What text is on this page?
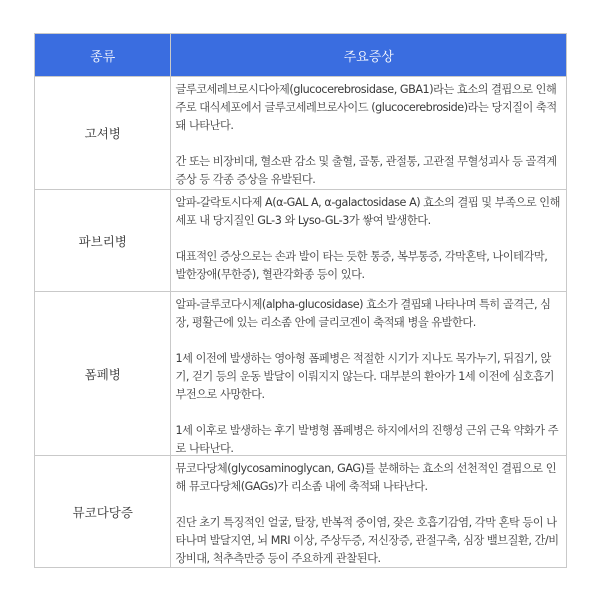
종류	주요증상
고셔병

글루코세레브로시다아제(glucocerebrosidase, GBA1)라는 효소의 결핍으로 인해 주로 대식세포에서 글루코세레브로사이드 (glucocerebroside)라는 당지질이 축적돼 나타난다.

간 또는 비장비대, 혈소판 감소 및 출혈, 골통, 관절통, 고관절 무혈성괴사 등 골격계 증상 등 각종 증상을 유발된다.

파브리병

알파-갈락토시다제 A(α-GAL A, α-galactosidase A) 효소의 결핍 및 부족으로 인해 세포 내 당지질인 GL-3 와 Lyso-GL-3가 쌓여 발생한다.

대표적인 증상으로는 손과 발이 타는 듯한 통증, 복부통증, 각막혼탁, 나이테각막, 발한장애(무한증), 혈관각화종 등이 있다.

폼페병

알파-글루코다시제(alpha-glucosidase) 효소가 결핍돼 나타나며 특히 골격근, 심장, 평활근에 있는 리소좀 안에 글리코겐이 축적돼 병을 유발한다.

1세 이전에 발생하는 영아형 폼페병은 적절한 시기가 지나도 목가누기, 뒤집기, 앉기, 걷기 등의 운동 발달이 이뤄지지 않는다. 대부분의 환아가 1세 이전에 심호흡기 부전으로 사망한다.

1세 이후로 발생하는 후기 발병형 폼페병은 하지에서의 진행성 근위 근육 약화가 주로 나타난다.

뮤코다당증

뮤코다당체(glycosaminoglycan, GAG)를 분해하는 효소의 선천적인 결핍으로 인해 뮤코다당체(GAGs)가 리소좀 내에 축적돼 나타난다.

진단 초기 특징적인 얼굴, 탈장, 반복적 중이염, 잦은 호흡기감염, 각막 혼탁 등이 나타나며 발달지연, 뇌 MRI 이상, 주상두증, 저신장증, 관절구축, 심장 밸브질환, 간/비장비대, 척추측만증 등이 주요하게 관찰된다.
